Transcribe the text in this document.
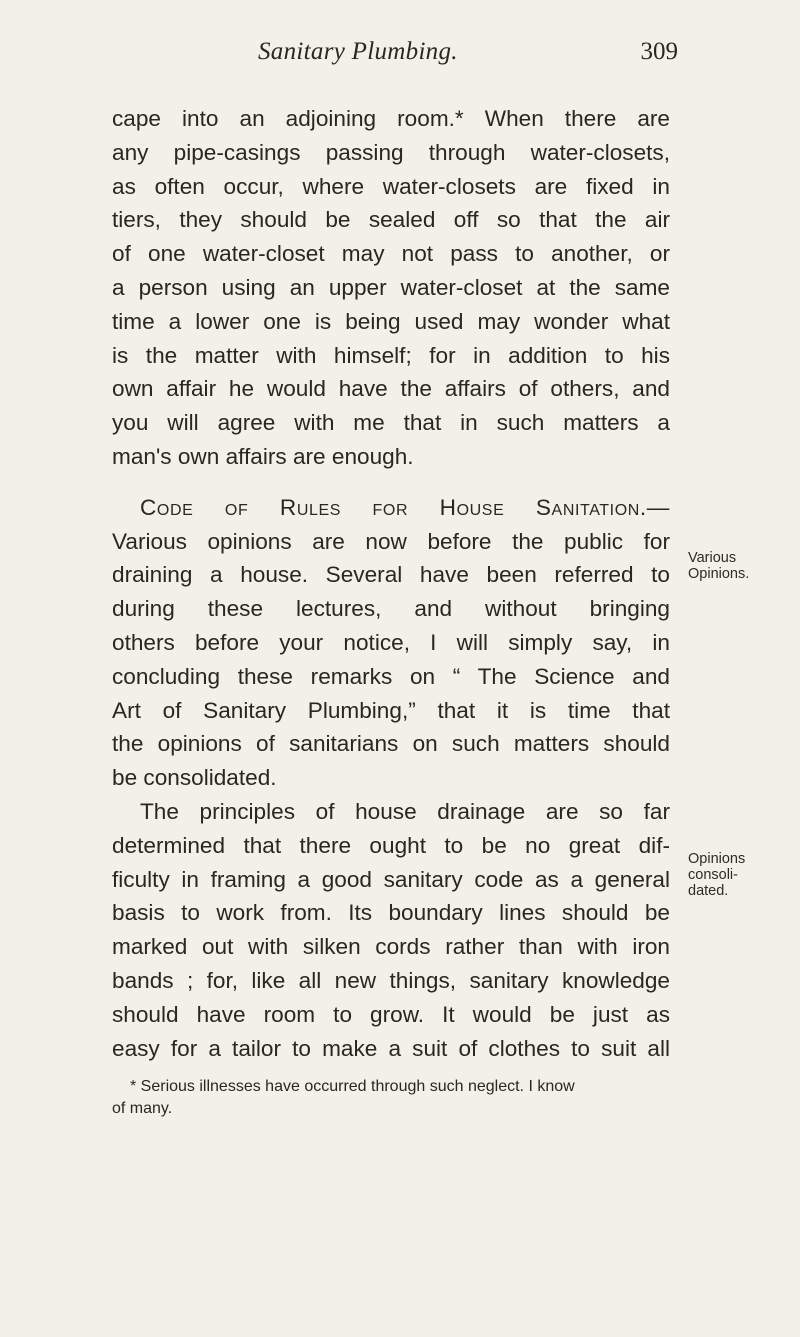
Sanitary Plumbing.	309
cape into an adjoining room.* When there are
any pipe-casings passing through water-closets,
as often occur, where water-closets are fixed in
tiers, they should be sealed off so that the air
of one water-closet may not pass to another, or
a person using an upper water-closet at the same
time a lower one is being used may wonder what
is the matter with himself; for in addition to his
own affair he would have the affairs of others, and
you will agree with me that in such matters a
man's own affairs are enough.
Code of Rules for House Sanitation.—
Various opinions are now before the public for
draining a house. Several have been referred to
during these lectures, and without bringing
others before your notice, I will simply say, in
concluding these remarks on “ The Science and
Art of Sanitary Plumbing,” that it is time that
the opinions of sanitarians on such matters should
be consolidated.
The principles of house drainage are so far
determined that there ought to be no great dif-
ficulty in framing a good sanitary code as a general
basis to work from. Its boundary lines should be
marked out with silken cords rather than with iron
bands ; for, like all new things, sanitary knowledge
should have room to grow. It would be just as
easy for a tailor to make a suit of clothes to suit all
Various
Opinions.
Opinions
consoli-
dated.
* Serious illnesses have occurred through such neglect. I know
of many.
